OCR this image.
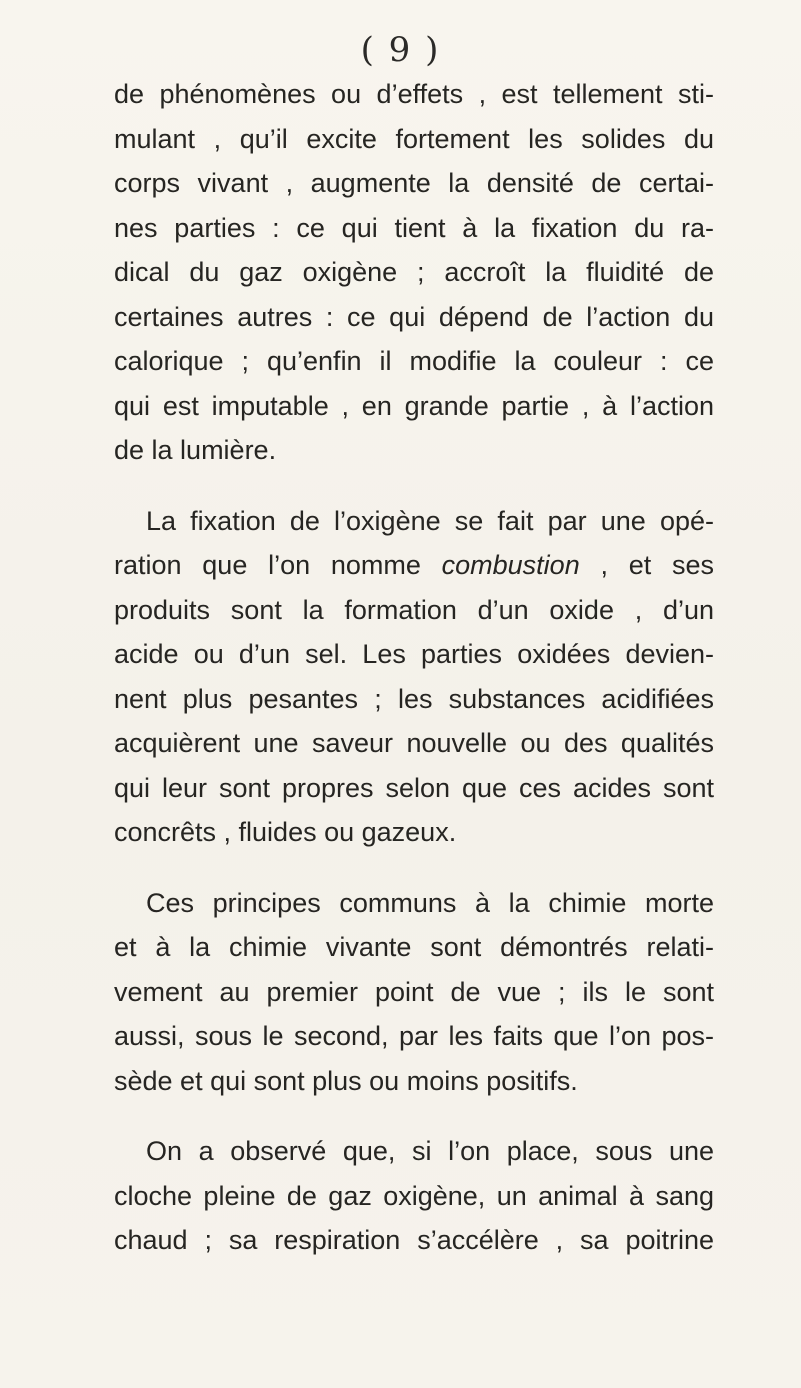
( 9 )
de phénomènes ou d’effets , est tellement sti-
mulant , qu’il excite fortement les solides du
corps vivant , augmente la densité de certai-
nes parties : ce qui tient à la fixation du ra-
dical du gaz oxigène ; accroît la fluidité de
certaines autres : ce qui dépend de l’action du
calorique ; qu’enfin il modifie la couleur : ce
qui est imputable , en grande partie , à l’action
de la lumière.
La fixation de l’oxigène se fait par une opé-
ration que l’on nomme combustion , et ses
produits sont la formation d’un oxide , d’un
acide ou d’un sel. Les parties oxidées devien-
nent plus pesantes ; les substances acidifiées
acquièrent une saveur nouvelle ou des qualités
qui leur sont propres selon que ces acides sont
concrêts , fluides ou gazeux.
Ces principes communs à la chimie morte
et à la chimie vivante sont démontrés relati-
vement au premier point de vue ; ils le sont
aussi, sous le second, par les faits que l’on pos-
sède et qui sont plus ou moins positifs.
On a observé que, si l’on place, sous une
cloche pleine de gaz oxigène, un animal à sang
chaud ; sa respiration s’accélère , sa poitrine
